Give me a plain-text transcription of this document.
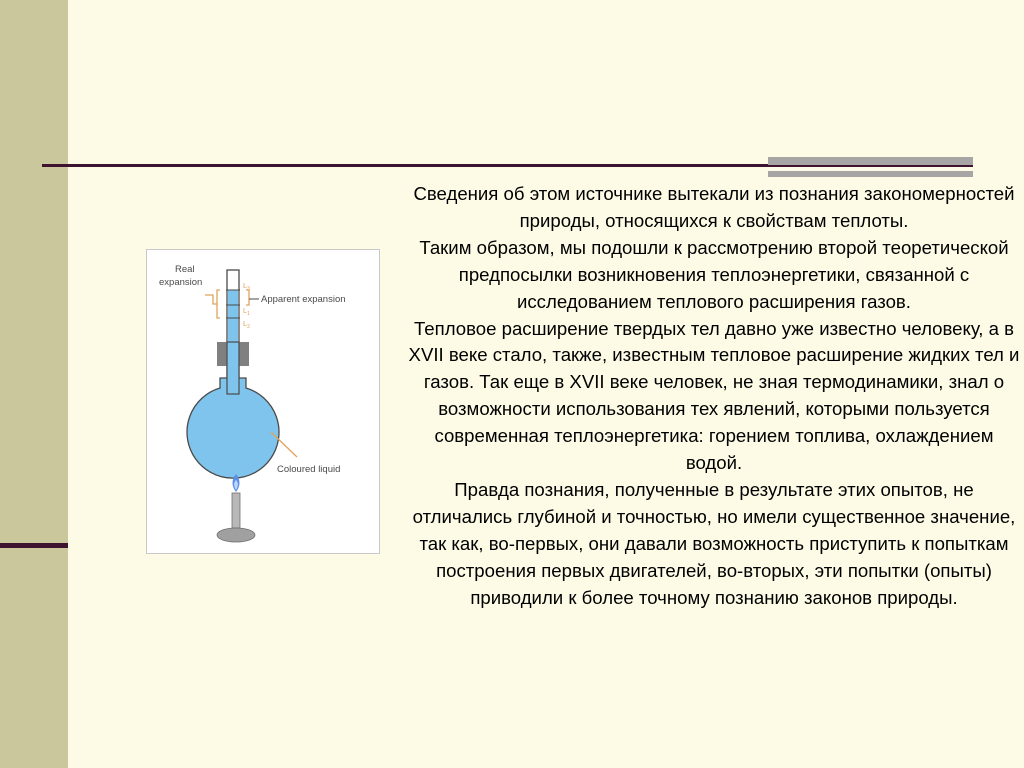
Real
expansion
Apparent expansion
$L_3$
$L_1$
$L_2$
Coloured liquid

Сведения об этом источнике вытекали из познания закономерностей природы, относящихся к свойствам теплоты.

Таким образом, мы подошли к рассмотрению второй теоретической предпосылки возникновения теплоэнергетики, связанной с исследованием теплового расширения газов.

Тепловое расширение твердых тел давно уже известно человеку, а в XVII веке стало, также, известным тепловое расширение жидких тел и газов. Так еще в XVII веке человек, не зная термодинамики, знал о возможности использования тех явлений, которыми пользуется современная теплоэнергетика: горением топлива, охлаждением водой.

Правда познания, полученные в результате этих опытов, не отличались глубиной и точностью, но имели существенное значение, так как, во-первых, они давали возможность приступить к попыткам построения первых двигателей, во-вторых, эти попытки (опыты) приводили к более точному познанию законов природы.
